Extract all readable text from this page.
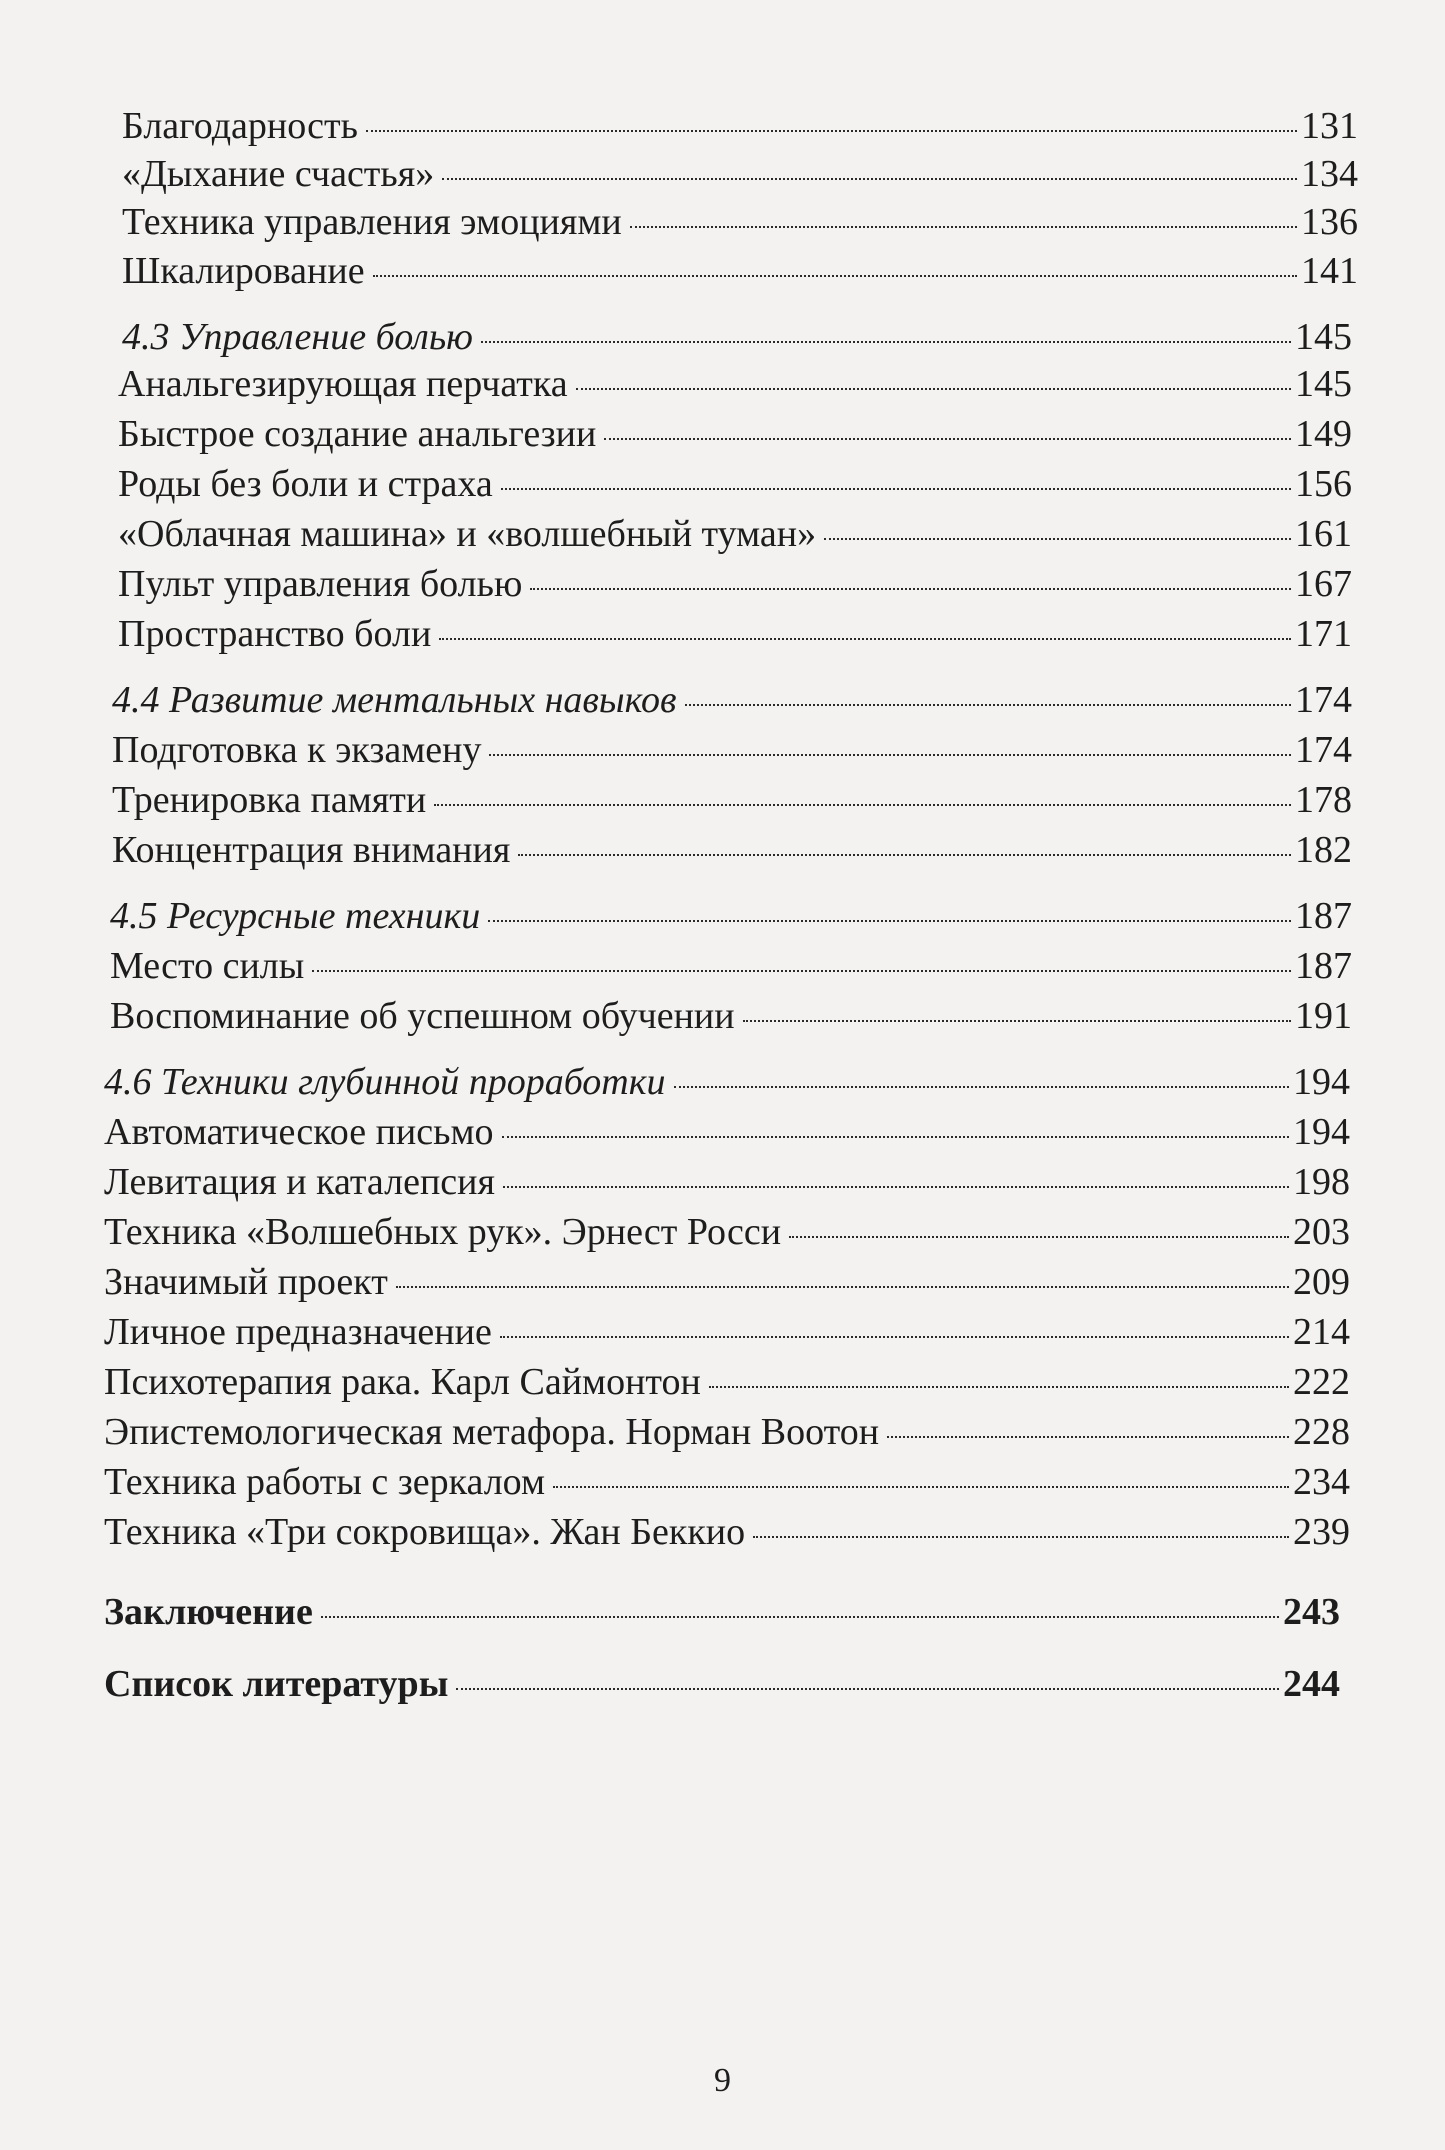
Благодарность	131
«Дыхание счастья»	134
Техника управления эмоциями	136
Шкалирование	141
4.3 Управление болью	145
Анальгезирующая перчатка	145
Быстрое создание анальгезии	149
Роды без боли и страха	156
«Облачная машина» и «волшебный туман»	161
Пульт управления болью	167
Пространство боли	171
4.4 Развитие ментальных навыков	174
Подготовка к экзамену	174
Тренировка памяти	178
Концентрация внимания	182
4.5 Ресурсные техники	187
Место силы	187
Воспоминание об успешном обучении	191
4.6 Техники глубинной проработки	194
Автоматическое письмо	194
Левитация и каталепсия	198
Техника «Волшебных рук». Эрнест Росси	203
Значимый проект	209
Личное предназначение	214
Психотерапия рака. Карл Саймонтон	222
Эпистемологическая метафора. Норман Воотон	228
Техника работы с зеркалом	234
Техника «Три сокровища». Жан Беккио	239
Заключение	243
Список литературы	244
9
